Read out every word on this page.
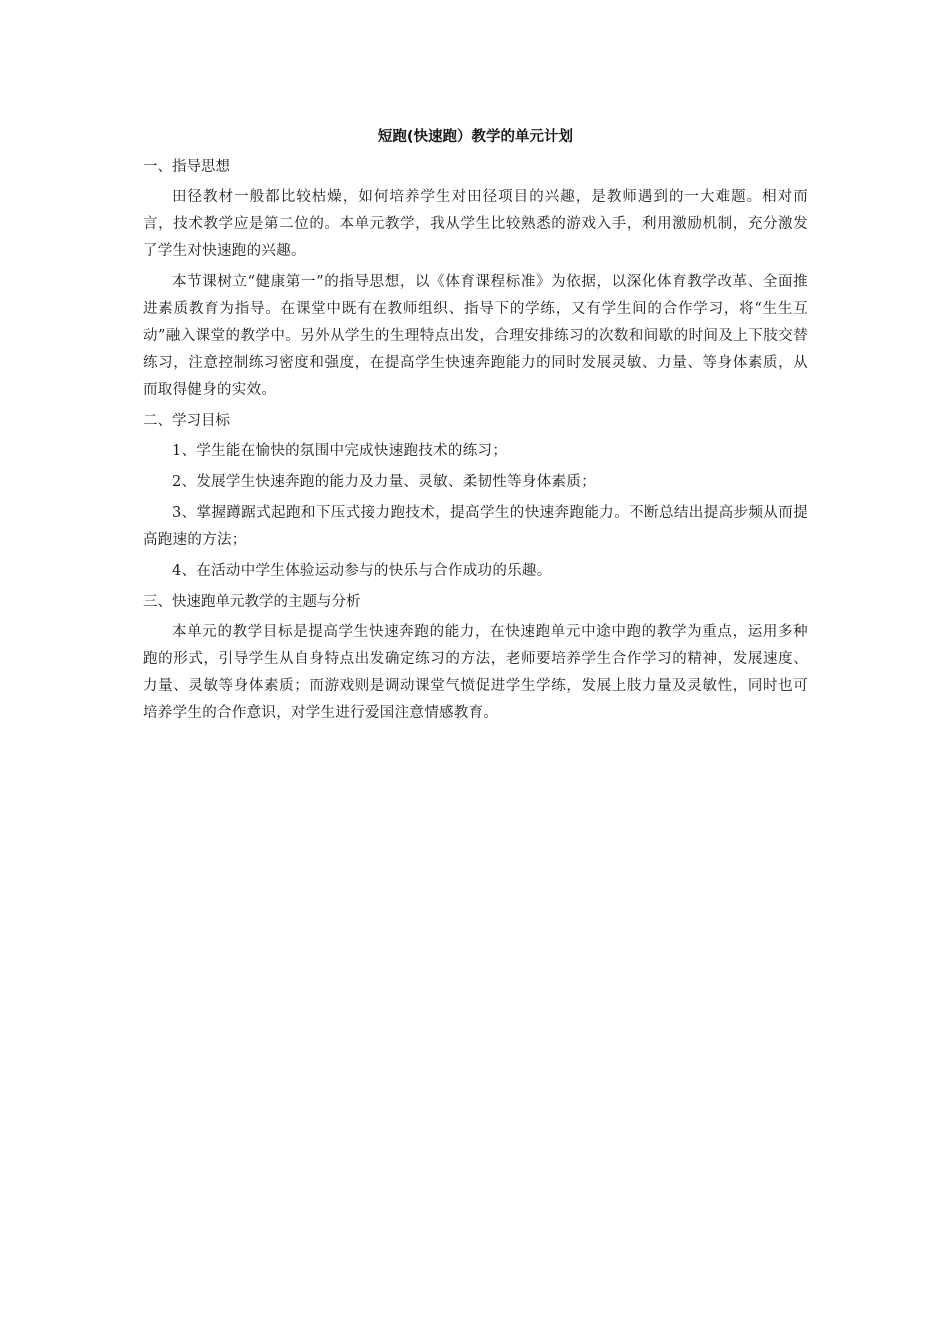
短跑(快速跑）教学的单元计划
一、指导思想

田径教材一般都比较枯燥，如何培养学生对田径项目的兴趣，是教师遇到的一大难题。相对而言，技术教学应是第二位的。本单元教学，我从学生比较熟悉的游戏入手，利用激励机制，充分激发了学生对快速跑的兴趣。

本节课树立“健康第一”的指导思想，以《体育课程标准》为依据，以深化体育教学改革、全面推进素质教育为指导。在课堂中既有在教师组织、指导下的学练，又有学生间的合作学习，将“生生互动”融入课堂的教学中。另外从学生的生理特点出发，合理安排练习的次数和间歇的时间及上下肢交替练习，注意控制练习密度和强度，在提高学生快速奔跑能力的同时发展灵敏、力量、等身体素质，从而取得健身的实效。

二、学习目标

1、学生能在愉快的氛围中完成快速跑技术的练习；

2、发展学生快速奔跑的能力及力量、灵敏、柔韧性等身体素质；

3、掌握蹲踞式起跑和下压式接力跑技术，提高学生的快速奔跑能力。不断总结出提高步频从而提高跑速的方法；

4、在活动中学生体验运动参与的快乐与合作成功的乐趣。

三、快速跑单元教学的主题与分析

本单元的教学目标是提高学生快速奔跑的能力，在快速跑单元中途中跑的教学为重点，运用多种跑的形式，引导学生从自身特点出发确定练习的方法，老师要培养学生合作学习的精神，发展速度、力量、灵敏等身体素质；而游戏则是调动课堂气愤促进学生学练，发展上肢力量及灵敏性，同时也可培养学生的合作意识，对学生进行爱国注意情感教育。
